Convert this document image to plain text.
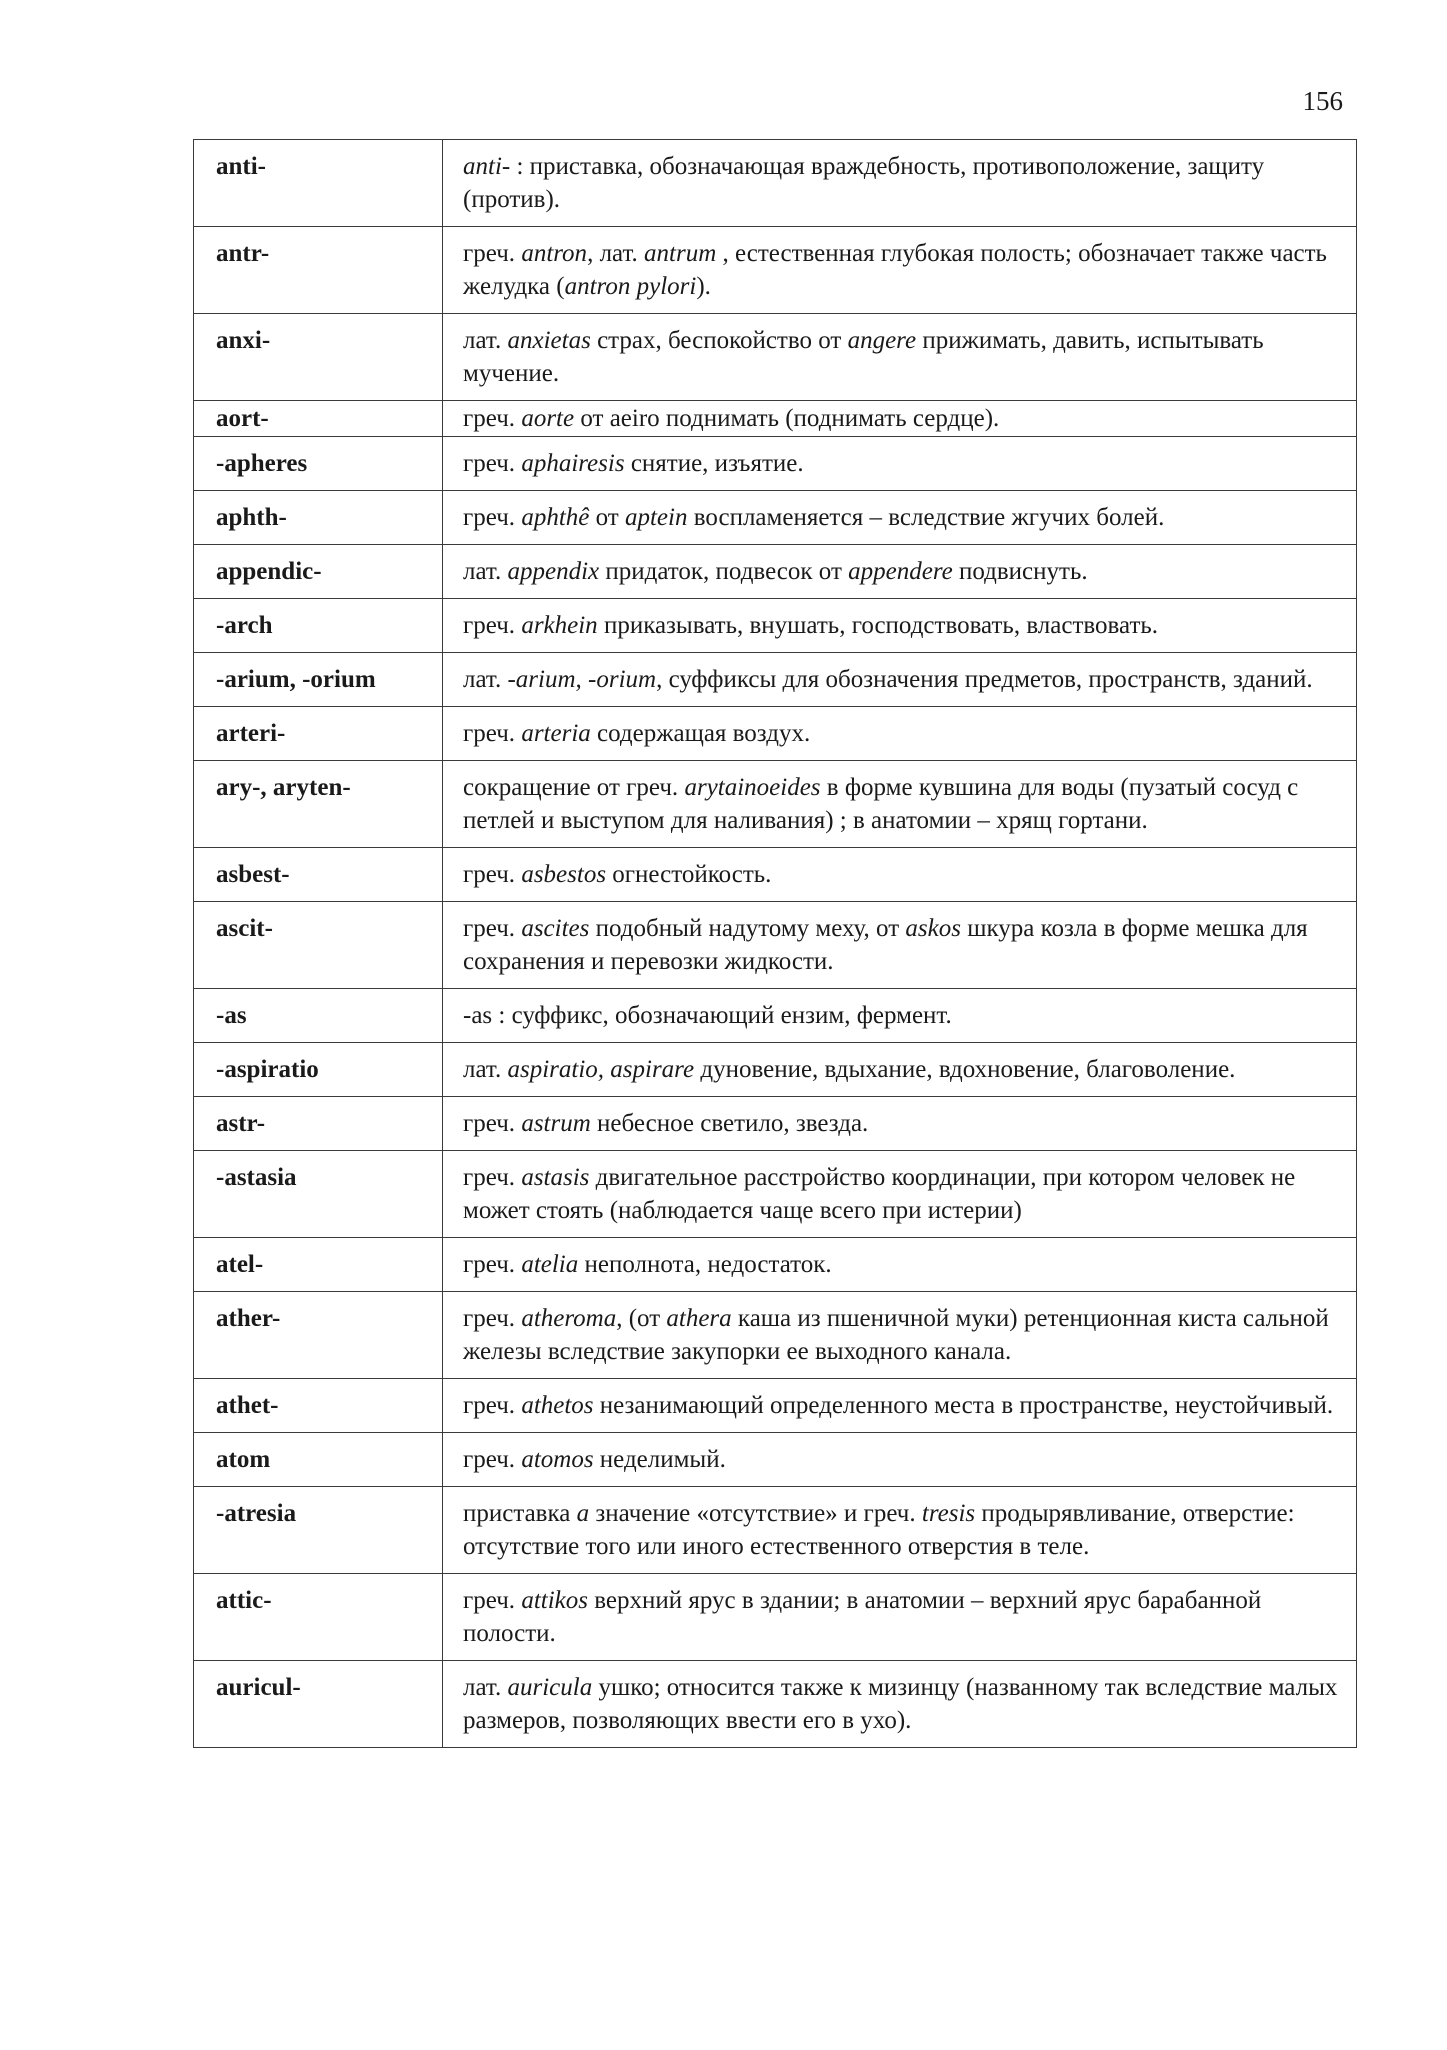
156
anti-	anti- : приставка, обозначающая враждебность, противоположение, защиту (против).
antr-	греч. antron, лат. antrum , естественная глубокая полость; обозначает также часть желудка (antron pylori).
anxi-	лат. anxietas страх, беспокойство от angere прижимать, давить, испытывать мучение.
aort-	греч. aorte от aeiro поднимать (поднимать сердце).
-apheres	греч. aphairesis снятие, изъятие.
aphth-	греч. aphthê от aptein воспламеняется – вследствие жгучих болей.
appendic-	лат. appendix придаток, подвесок от appendere подвиснуть.
-arch	греч. arkhein приказывать, внушать, господствовать, властвовать.
-arium, -orium	лат. -arium, -orium, суффиксы для обозначения предметов, пространств, зданий.
arteri-	греч. arteria содержащая воздух.
ary-, aryten-	сокращение от греч. arytainoeides в форме кувшина для воды (пузатый сосуд с петлей и выступом для наливания) ; в анатомии – хрящ гортани.
asbest-	греч. asbestos огнестойкость.
ascit-	греч. ascites подобный надутому меху, от askos шкура козла в форме мешка для сохранения и перевозки жидкости.
-as	-as : суффикс, обозначающий ензим, фермент.
-aspiratio	лат. aspiratio, aspirare дуновение, вдыхание, вдохновение, благоволение.
astr-	греч. astrum небесное светило, звезда.
-astasia	греч. astasis двигательное расстройство координации, при котором человек не может стоять (наблюдается чаще всего при истерии)
atel-	греч. atelia неполнота, недостаток.
ather-	греч. atheroma, (от athera каша из пшеничной муки) ретенционная киста сальной железы вследствие закупорки ее выходного канала.
athet-	греч. athetos незанимающий определенного места в пространстве, неустойчивый.
atom	греч. atomos неделимый.
-atresia	приставка a значение «отсутствие» и греч. tresis продырявливание, отверстие: отсутствие того или иного естественного отверстия в теле.
attic-	греч. attikos верхний ярус в здании; в анатомии – верхний ярус барабанной полости.
auricul-	лат. auricula ушко; относится также к мизинцу (названному так вследствие малых размеров, позволяющих ввести его в ухо).
